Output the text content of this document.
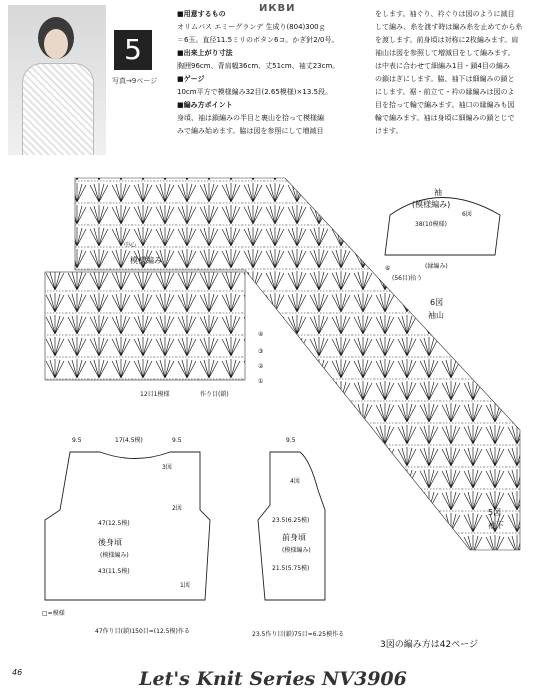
5
写真→9ページ
ИКВИ
■用意するもの
オリムパス エミーグランデ 生成り(804)300ｇ
＝6玉。直径11.5ミリのボタン6コ。かぎ針2/0号。
■出来上がり寸法
胸囲96cm、背肩幅36cm、丈51cm、袖丈23cm。
■ゲージ
10cm平方で模様編み32目(2.65模様)×13.5段。
■編み方ポイント
身頃、袖は鎖編みの半目と裏山を拾って模様編
みで編み始めます。脇は図を参照にして増減目
をします。袖ぐり、衿ぐりは図のように減目
して編み、糸を渡す時は編み糸を止めてから糸
を渡します。前身頃は対称に2枚編みます。肩
袖山は図を参照して増減目をして編みます。
は中表に合わせて細編み1目・鎖4目の編み
の鎖はぎにします。脇、袖下は細編みの鎖と
にします。裾・前立て・衿の縁編みは図のよ
目を拾って輪で編みます。袖口の縁編みも図
輪で編みます。袖は身頃に細編みの鎖とじで
けます。
模様編み
中心
12目1模様	作り目(鎖)
⑥
④
③
②
①
6図
袖山
5図
袖下
袖
(模様編み)
6図
38(10模様)
(縁編み)
(56目)拾う
9.5	17(4.5模)	9.5
3図
2図
1図
47(12.5模)
後身頃
(模様編み)
43(11.5模)
47作り目(鎖)150目=(12.5模)作る
□=模様
9.5
4図
23.5(6.25模)
前身頃
(模様編み)
21.5(5.75模)
23.5作り目(鎖)75目=6.25模作る
3図の編み方は42ページ
46	Let's Knit Series NV3906
